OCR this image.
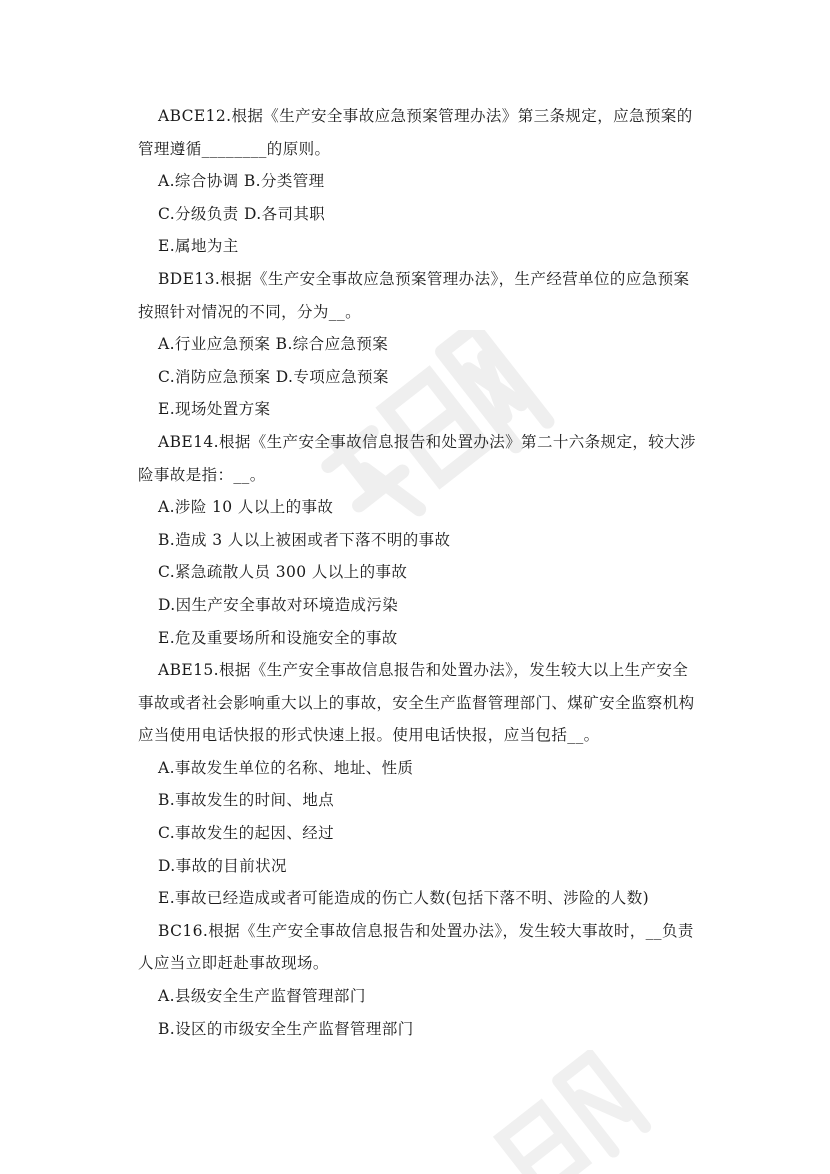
ABCE12.根据《生产安全事故应急预案管理办法》第三条规定，应急预案的
管理遵循________的原则。
A.综合协调 B.分类管理
C.分级负责 D.各司其职
E.属地为主
BDE13.根据《生产安全事故应急预案管理办法》，生产经营单位的应急预案
按照针对情况的不同，分为__。
A.行业应急预案 B.综合应急预案
C.消防应急预案 D.专项应急预案
E.现场处置方案
ABE14.根据《生产安全事故信息报告和处置办法》第二十六条规定，较大涉
险事故是指：__。
A.涉险 10 人以上的事故
B.造成 3 人以上被困或者下落不明的事故
C.紧急疏散人员 300 人以上的事故
D.因生产安全事故对环境造成污染
E.危及重要场所和设施安全的事故
ABE15.根据《生产安全事故信息报告和处置办法》，发生较大以上生产安全
事故或者社会影响重大以上的事故，安全生产监督管理部门、煤矿安全监察机构
应当使用电话快报的形式快速上报。使用电话快报，应当包括__。
A.事故发生单位的名称、地址、性质
B.事故发生的时间、地点
C.事故发生的起因、经过
D.事故的目前状况
E.事故已经造成或者可能造成的伤亡人数(包括下落不明、涉险的人数)
BC16.根据《生产安全事故信息报告和处置办法》，发生较大事故时，__负责
人应当立即赶赴事故现场。
A.县级安全生产监督管理部门
B.设区的市级安全生产监督管理部门
